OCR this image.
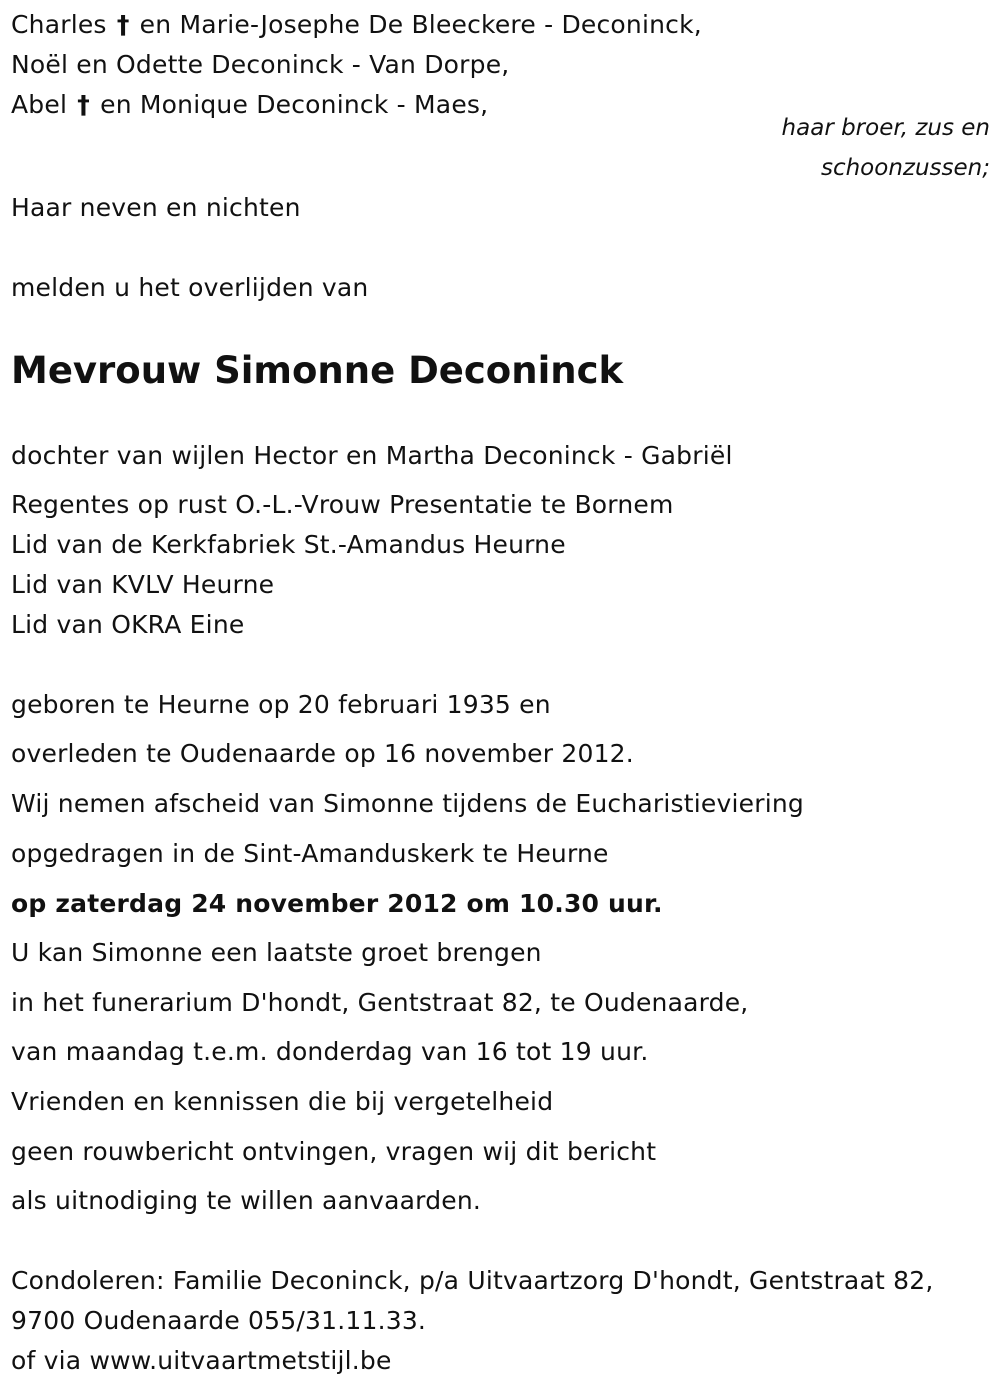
Charles † en Marie-Josephe De Bleeckere - Deconinck,
Noël en Odette Deconinck - Van Dorpe,
Abel † en Monique Deconinck - Maes,
haar broer, zus en
schoonzussen;
Haar neven en nichten
melden u het overlijden van
Mevrouw Simonne Deconinck
dochter van wijlen Hector en Martha Deconinck - Gabriël
Regentes op rust O.-L.-Vrouw Presentatie te Bornem
Lid van de Kerkfabriek St.-Amandus Heurne
Lid van KVLV Heurne
Lid van OKRA Eine
geboren te Heurne op 20 februari 1935 en
overleden te Oudenaarde op 16 november 2012.
Wij nemen afscheid van Simonne tijdens de Eucharistieviering
opgedragen in de Sint-Amanduskerk te Heurne
op zaterdag 24 november 2012 om 10.30 uur.
U kan Simonne een laatste groet brengen
in het funerarium D'hondt, Gentstraat 82, te Oudenaarde,
van maandag t.e.m. donderdag van 16 tot 19 uur.
Vrienden en kennissen die bij vergetelheid
geen rouwbericht ontvingen, vragen wij dit bericht
als uitnodiging te willen aanvaarden.
Condoleren: Familie Deconinck, p/a Uitvaartzorg D'hondt, Gentstraat 82,
9700 Oudenaarde 055/31.11.33.
of via www.uitvaartmetstijl.be
